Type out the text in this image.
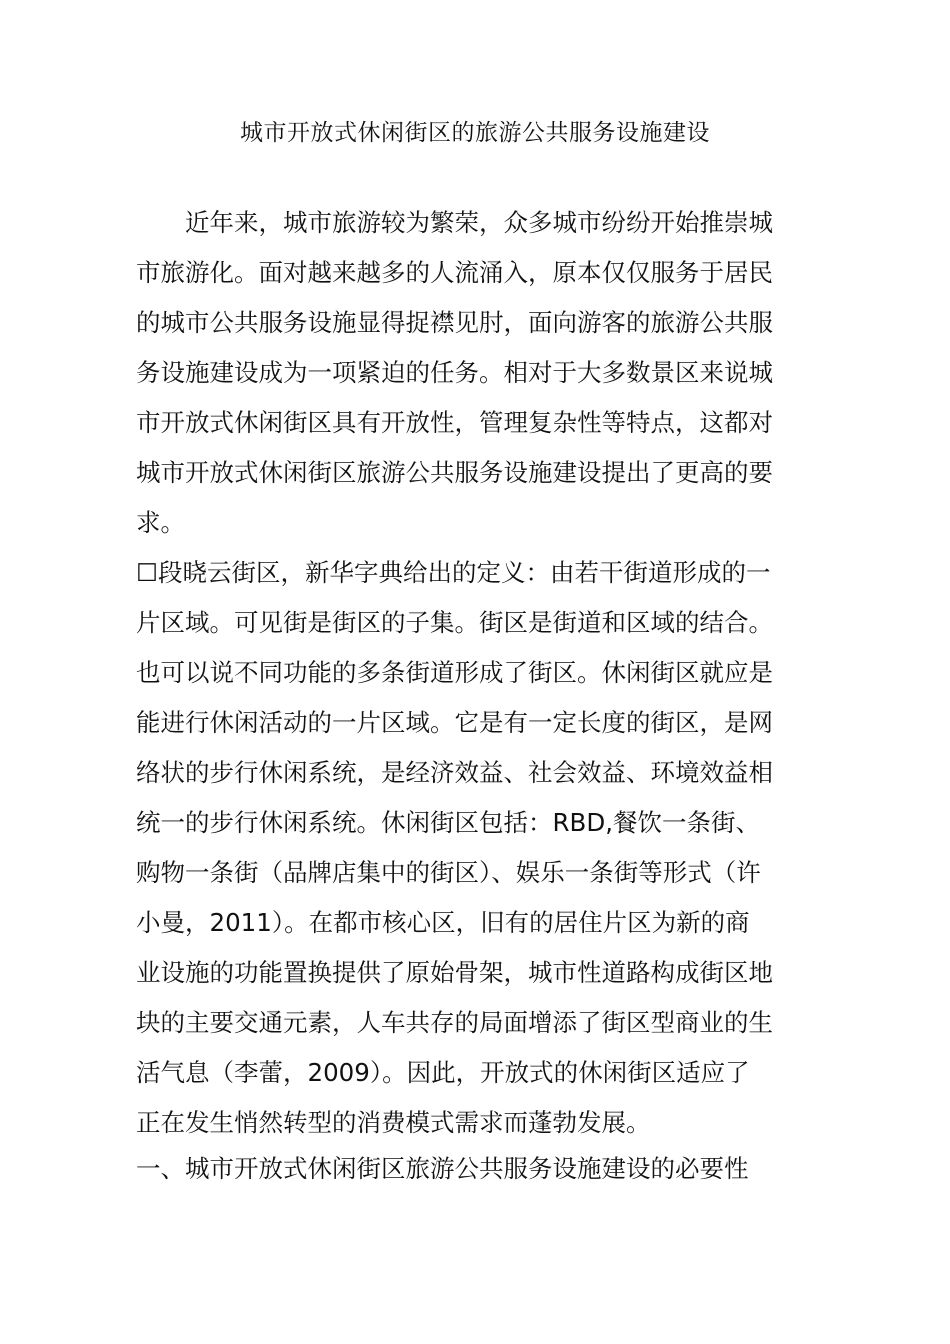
城市开放式休闲街区的旅游公共服务设施建设
近年来，城市旅游较为繁荣，众多城市纷纷开始推崇城
市旅游化。面对越来越多的人流涌入，原本仅仅服务于居民
的城市公共服务设施显得捉襟见肘，面向游客的旅游公共服
务设施建设成为一项紧迫的任务。相对于大多数景区来说城
市开放式休闲街区具有开放性，管理复杂性等特点，这都对
城市开放式休闲街区旅游公共服务设施建设提出了更高的要
求。
☐段晓云街区，新华字典给出的定义：由若干街道形成的一
片区域。可见街是街区的子集。街区是街道和区域的结合。
也可以说不同功能的多条街道形成了街区。休闲街区就应是
能进行休闲活动的一片区域。它是有一定长度的街区，是网
络状的步行休闲系统，是经济效益、社会效益、环境效益相
统一的步行休闲系统。休闲街区包括：RBD,餐饮一条街、
购物一条街（品牌店集中的街区）、娱乐一条街等形式（许
小曼，2011）。在都市核心区，旧有的居住片区为新的商
业设施的功能置换提供了原始骨架，城市性道路构成街区地
块的主要交通元素，人车共存的局面增添了街区型商业的生
活气息（李蕾，2009）。因此，开放式的休闲街区适应了
正在发生悄然转型的消费模式需求而蓬勃发展。
一、城市开放式休闲街区旅游公共服务设施建设的必要性
